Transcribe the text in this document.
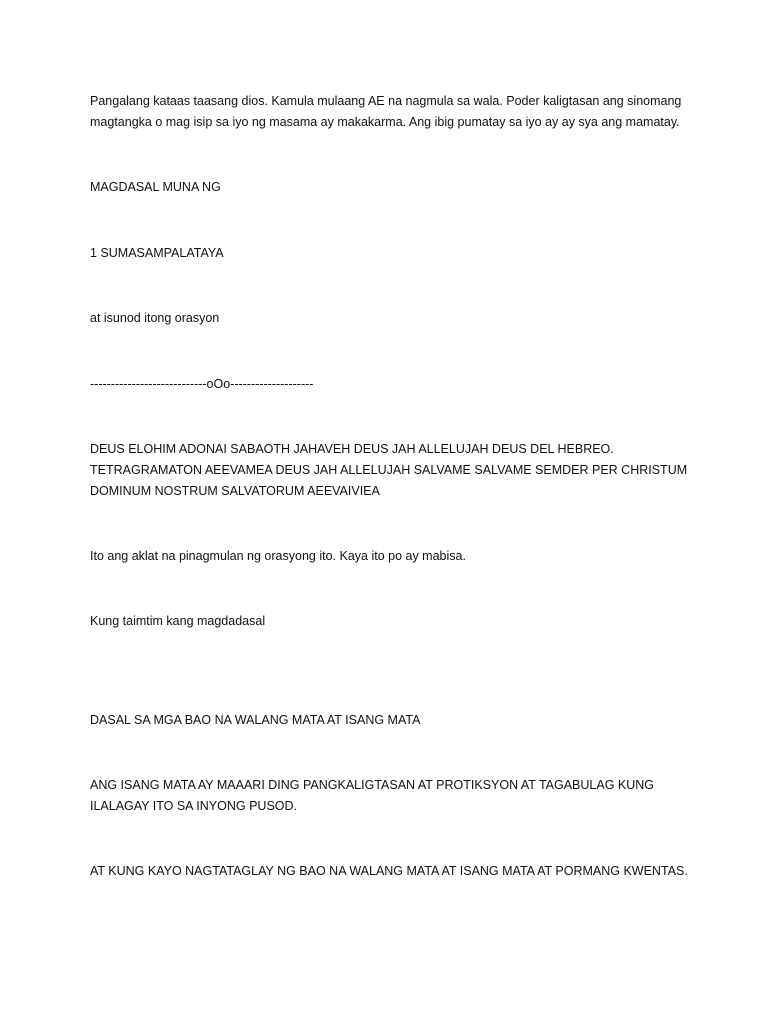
Pangalang kataas taasang dios. Kamula mulaang AE na nagmula sa wala. Poder kaligtasan ang sinomang magtangka o mag isip sa iyo ng masama ay makakarma. Ang ibig pumatay sa iyo ay ay sya ang mamatay.
MAGDASAL MUNA NG
1 SUMASAMPALATAYA
at isunod itong orasyon
----------------------------oOo--------------------
DEUS ELOHIM ADONAI SABAOTH JAHAVEH DEUS JAH ALLELUJAH DEUS DEL HEBREO. TETRAGRAMATON AEEVAMEA DEUS JAH ALLELUJAH SALVAME SALVAME SEMDER PER CHRISTUM DOMINUM NOSTRUM SALVATORUM AEEVAIVIEA
Ito ang aklat na pinagmulan ng orasyong ito. Kaya ito po ay mabisa.
Kung taimtim kang magdadasal
DASAL SA MGA BAO NA WALANG MATA AT ISANG MATA
ANG ISANG MATA AY MAAARI DING PANGKALIGTASAN AT PROTIKSYON AT TAGABULAG KUNG ILALAGAY ITO SA INYONG PUSOD.
AT KUNG KAYO NAGTATAGLAY NG BAO NA WALANG MATA AT ISANG MATA AT PORMANG KWENTAS.
